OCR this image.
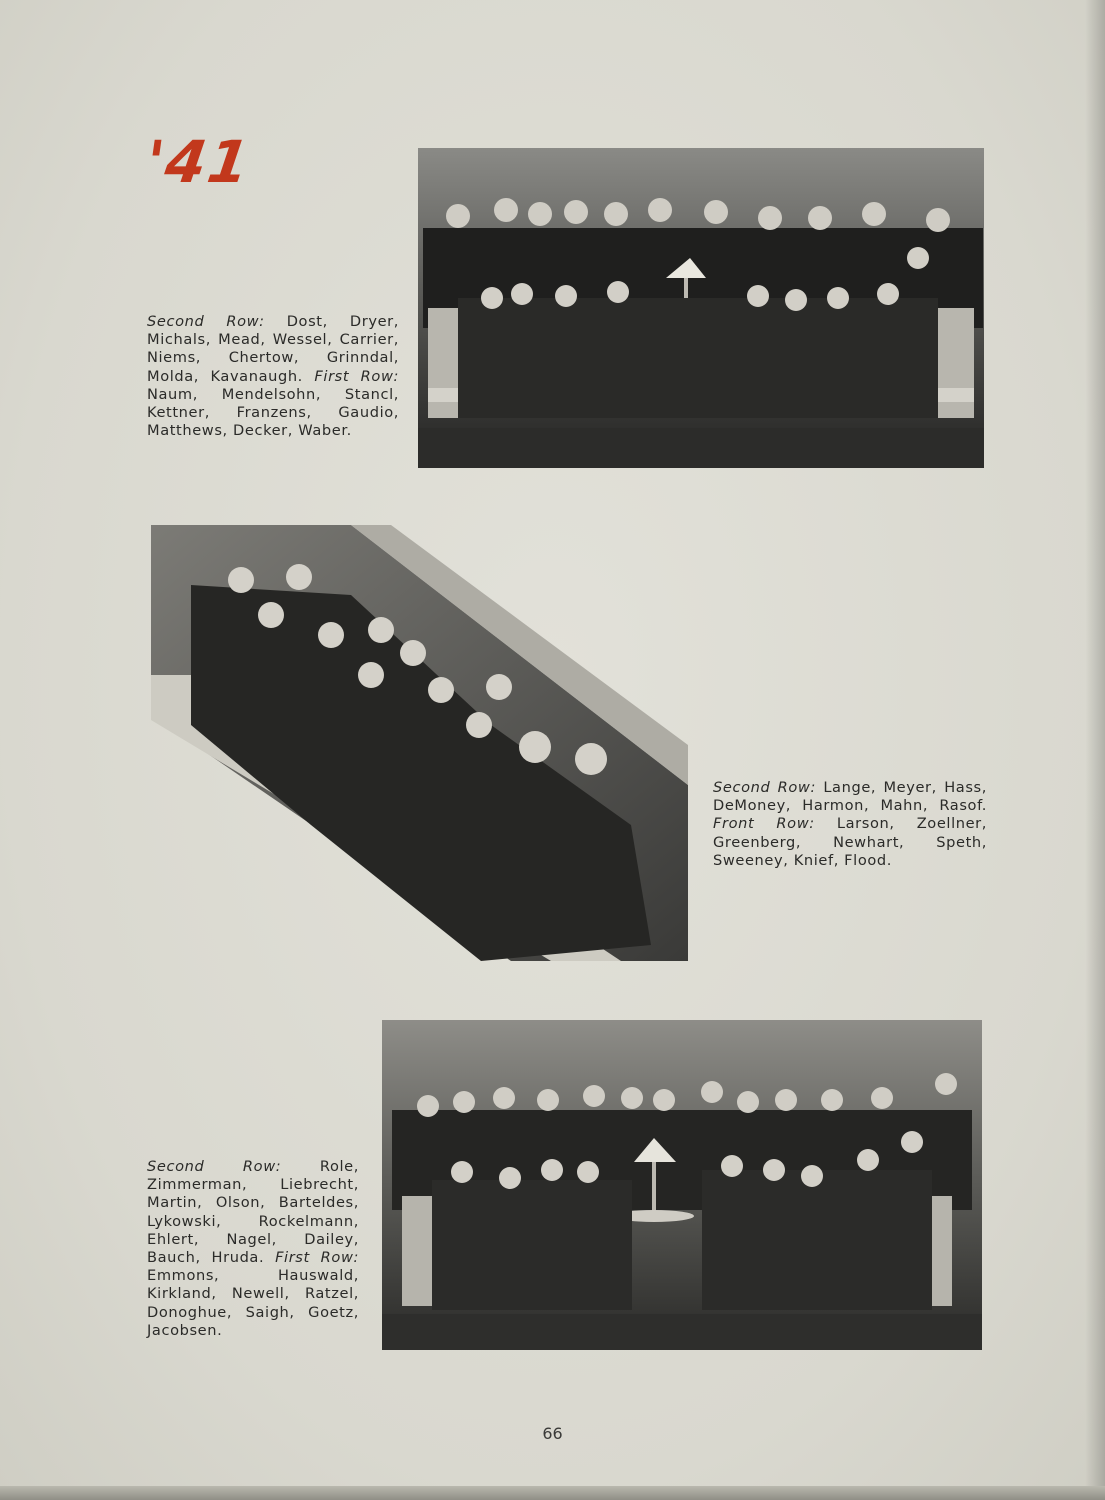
'41
Second Row: Dost, Dryer, Michals, Mead, Wessel, Carrier, Niems, Chertow, Grinndal, Molda, Kavanaugh. First Row: Naum, Mendelsohn, Stancl, Kettner, Franzens, Gaudio, Matthews, Decker, Waber.
Second Row: Lange, Meyer, Hass, DeMoney, Harmon, Mahn, Rasof. Front Row: Larson, Zoellner, Greenberg, Newhart, Speth, Sweeney, Knief, Flood.
Second Row:	Role, Zimmerman, Liebrecht, Martin, Olson, Barteldes, Lykowski, Rockelmann, Ehlert, Nagel, Dailey, Bauch, Hruda. First Row: Emmons, Hauswald, Kirkland, Newell, Ratzel, Donoghue, Saigh, Goetz, Jacobsen.
66
